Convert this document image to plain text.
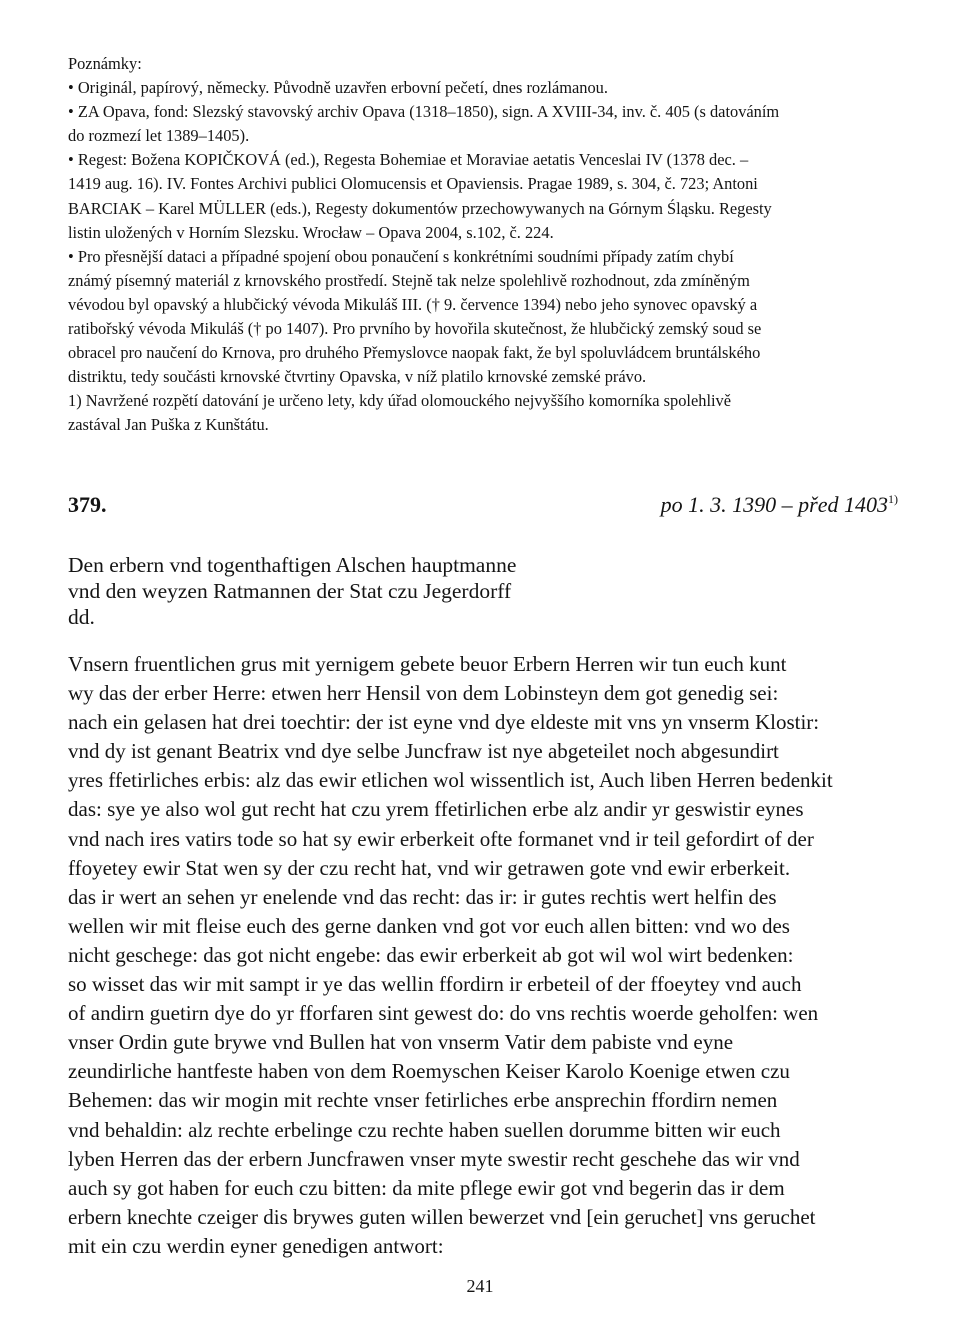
Poznámky:
• Originál, papírový, německy. Původně uzavřen erbovní pečetí, dnes rozlámanou.
• ZA Opava, fond: Slezský stavovský archiv Opava (1318–1850), sign. A XVIII-34, inv. č. 405 (s datováním
do rozmezí let 1389–1405).
• Regest: Božena KOPIČKOVÁ (ed.), Regesta Bohemiae et Moraviae aetatis Venceslai IV (1378 dec. –
1419 aug. 16). IV. Fontes Archivi publici Olomucensis et Opaviensis. Pragae 1989, s. 304, č. 723; Antoni
BARCIAK – Karel MÜLLER (eds.), Regesty dokumentów przechowywanych na Górnym Śląsku. Regesty
listin uložených v Horním Slezsku. Wrocław – Opava 2004, s.102, č. 224.
• Pro přesnější dataci a případné spojení obou ponaučení s konkrétními soudními případy zatím chybí
známý písemný materiál z krnovského prostředí. Stejně tak nelze spolehlivě rozhodnout, zda zmíněným
vévodou byl opavský a hlubčický vévoda Mikuláš III. († 9. července 1394) nebo jeho synovec opavský a
ratibořský vévoda Mikuláš († po 1407). Pro prvního by hovořila skutečnost, že hlubčický zemský soud se
obracel pro naučení do Krnova, pro druhého Přemyslovce naopak fakt, že byl spoluvládcem bruntálského
distriktu, tedy součásti krnovské čtvrtiny Opavska, v níž platilo krnovské zemské právo.
1) Navržené rozpětí datování je určeno lety, kdy úřad olomouckého nejvyššího komorníka spolehlivě
zastával Jan Puška z Kunštátu.
379.	po 1. 3. 1390 – před 1403$^{1)}$
Den erbern vnd togenthaftigen Alschen hauptmanne
vnd den weyzen Ratmannen der Stat czu Jegerdorff
dd.
Vnsern fruentlichen grus mit yernigem gebete beuor Erbern Herren wir tun euch kunt
wy das der erber Herre: etwen herr Hensil von dem Lobinsteyn dem got genedig sei:
nach ein gelasen hat drei toechtir: der ist eyne vnd dye eldeste mit vns yn vnserm Klostir:
vnd dy ist genant Beatrix vnd dye selbe Juncfraw ist nye abgeteilet noch abgesundirt
yres ffetirliches erbis: alz das ewir etlichen wol wissentlich ist, Auch liben Herren bedenkit
das: sye ye also wol gut recht hat czu yrem ffetirlichen erbe alz andir yr geswistir eynes
vnd nach ires vatirs tode so hat sy ewir erberkeit ofte formanet vnd ir teil gefordirt of der
ffoyetey ewir Stat wen sy der czu recht hat, vnd wir getrawen gote vnd ewir erberkeit.
das ir wert an sehen yr enelende vnd das recht: das ir: ir gutes rechtis wert helfin des
wellen wir mit fleise euch des gerne danken vnd got vor euch allen bitten: vnd wo des
nicht geschege: das got nicht engebe: das ewir erberkeit ab got wil wol wirt bedenken:
so wisset das wir mit sampt ir ye das wellin ffordirn ir erbeteil of der ffoeytey vnd auch
of andirn guetirn dye do yr fforfaren sint gewest do: do vns rechtis woerde geholfen: wen
vnser Ordin gute brywe vnd Bullen hat von vnserm Vatir dem pabiste vnd eyne
zeundirliche hantfeste haben von dem Roemyschen Keiser Karolo Koenige etwen czu
Behemen: das wir mogin mit rechte vnser fetirliches erbe ansprechin ffordirn nemen
vnd behaldin: alz rechte erbelinge czu rechte haben suellen dorumme bitten wir euch
lyben Herren das der erbern Juncfrawen vnser myte swestir recht geschehe das wir vnd
auch sy got haben for euch czu bitten: da mite pflege ewir got vnd begerin das ir dem
erbern knechte czeiger dis brywes guten willen bewerzet vnd [ein geruchet] vns geruchet
mit ein czu werdin eyner genedigen antwort:
241
